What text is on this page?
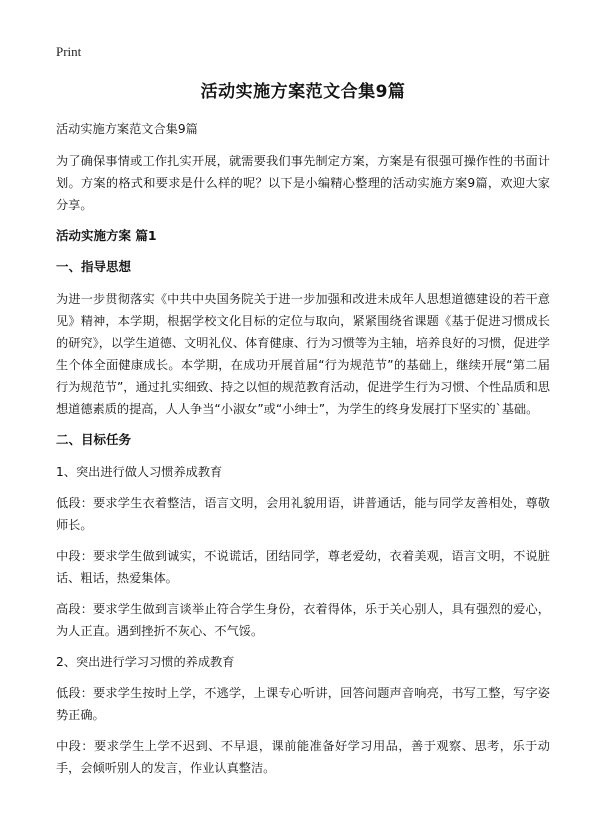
Print
活动实施方案范文合集9篇
活动实施方案范文合集9篇
为了确保事情或工作扎实开展，就需要我们事先制定方案，方案是有很强可操作性的书面计划。方案的格式和要求是什么样的呢？以下是小编精心整理的活动实施方案9篇，欢迎大家分享。
活动实施方案 篇1
一、指导思想
为进一步贯彻落实《中共中央国务院关于进一步加强和改进未成年人思想道德建设的若干意见》精神，本学期，根据学校文化目标的定位与取向，紧紧围绕省课题《基于促进习惯成长的研究》，以学生道德、文明礼仪、体育健康、行为习惯等为主轴，培养良好的习惯，促进学生个体全面健康成长。本学期，在成功开展首届“行为规范节”的基础上，继续开展“第二届行为规范节”，通过扎实细致、持之以恒的规范教育活动，促进学生行为习惯、个性品质和思想道德素质的提高，人人争当“小淑女”或“小绅士”，为学生的终身发展打下坚实的`基础。
二、目标任务
1、突出进行做人习惯养成教育
低段：要求学生衣着整洁，语言文明，会用礼貌用语，讲普通话，能与同学友善相处，尊敬师长。
中段：要求学生做到诚实，不说谎话，团结同学，尊老爱幼，衣着美观，语言文明，不说脏话、粗话，热爱集体。
高段：要求学生做到言谈举止符合学生身份，衣着得体，乐于关心别人，具有强烈的爱心，为人正直。遇到挫折不灰心、不气馁。
2、突出进行学习习惯的养成教育
低段：要求学生按时上学，不逃学，上课专心听讲，回答问题声音响亮，书写工整，写字姿势正确。
中段：要求学生上学不迟到、不早退，课前能准备好学习用品，善于观察、思考，乐于动手，会倾听别人的发言，作业认真整洁。
